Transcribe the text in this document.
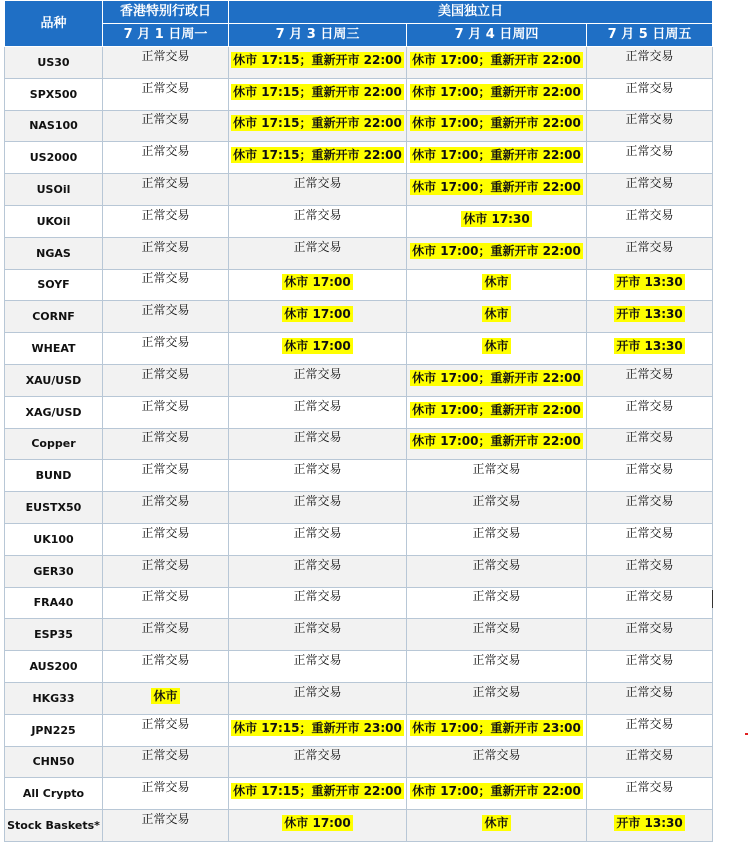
品种	香港特别行政日	美国独立日		
	7 月 1 日周一	7 月 3 日周三	7 月 4 日周四	7 月 5 日周五
US30	正常交易	休市 17:15；重新开市 22:00	休市 17:00；重新开市 22:00	正常交易
SPX500	正常交易	休市 17:15；重新开市 22:00	休市 17:00；重新开市 22:00	正常交易
NAS100	正常交易	休市 17:15；重新开市 22:00	休市 17:00；重新开市 22:00	正常交易
US2000	正常交易	休市 17:15；重新开市 22:00	休市 17:00；重新开市 22:00	正常交易
USOil	正常交易	正常交易	休市 17:00；重新开市 22:00	正常交易
UKOil	正常交易	正常交易	休市 17:30	正常交易
NGAS	正常交易	正常交易	休市 17:00；重新开市 22:00	正常交易
SOYF	正常交易	休市 17:00	休市	开市 13:30
CORNF	正常交易	休市 17:00	休市	开市 13:30
WHEAT	正常交易	休市 17:00	休市	开市 13:30
XAU/USD	正常交易	正常交易	休市 17:00；重新开市 22:00	正常交易
XAG/USD	正常交易	正常交易	休市 17:00；重新开市 22:00	正常交易
Copper	正常交易	正常交易	休市 17:00；重新开市 22:00	正常交易
BUND	正常交易	正常交易	正常交易	正常交易
EUSTX50	正常交易	正常交易	正常交易	正常交易
UK100	正常交易	正常交易	正常交易	正常交易
GER30	正常交易	正常交易	正常交易	正常交易
FRA40	正常交易	正常交易	正常交易	正常交易
ESP35	正常交易	正常交易	正常交易	正常交易
AUS200	正常交易	正常交易	正常交易	正常交易
HKG33	休市	正常交易	正常交易	正常交易
JPN225	正常交易	休市 17:15；重新开市 23:00	休市 17:00；重新开市 23:00	正常交易
CHN50	正常交易	正常交易	正常交易	正常交易
All Crypto	正常交易	休市 17:15；重新开市 22:00	休市 17:00；重新开市 22:00	正常交易
Stock Baskets*	正常交易	休市 17:00	休市	开市 13:30
